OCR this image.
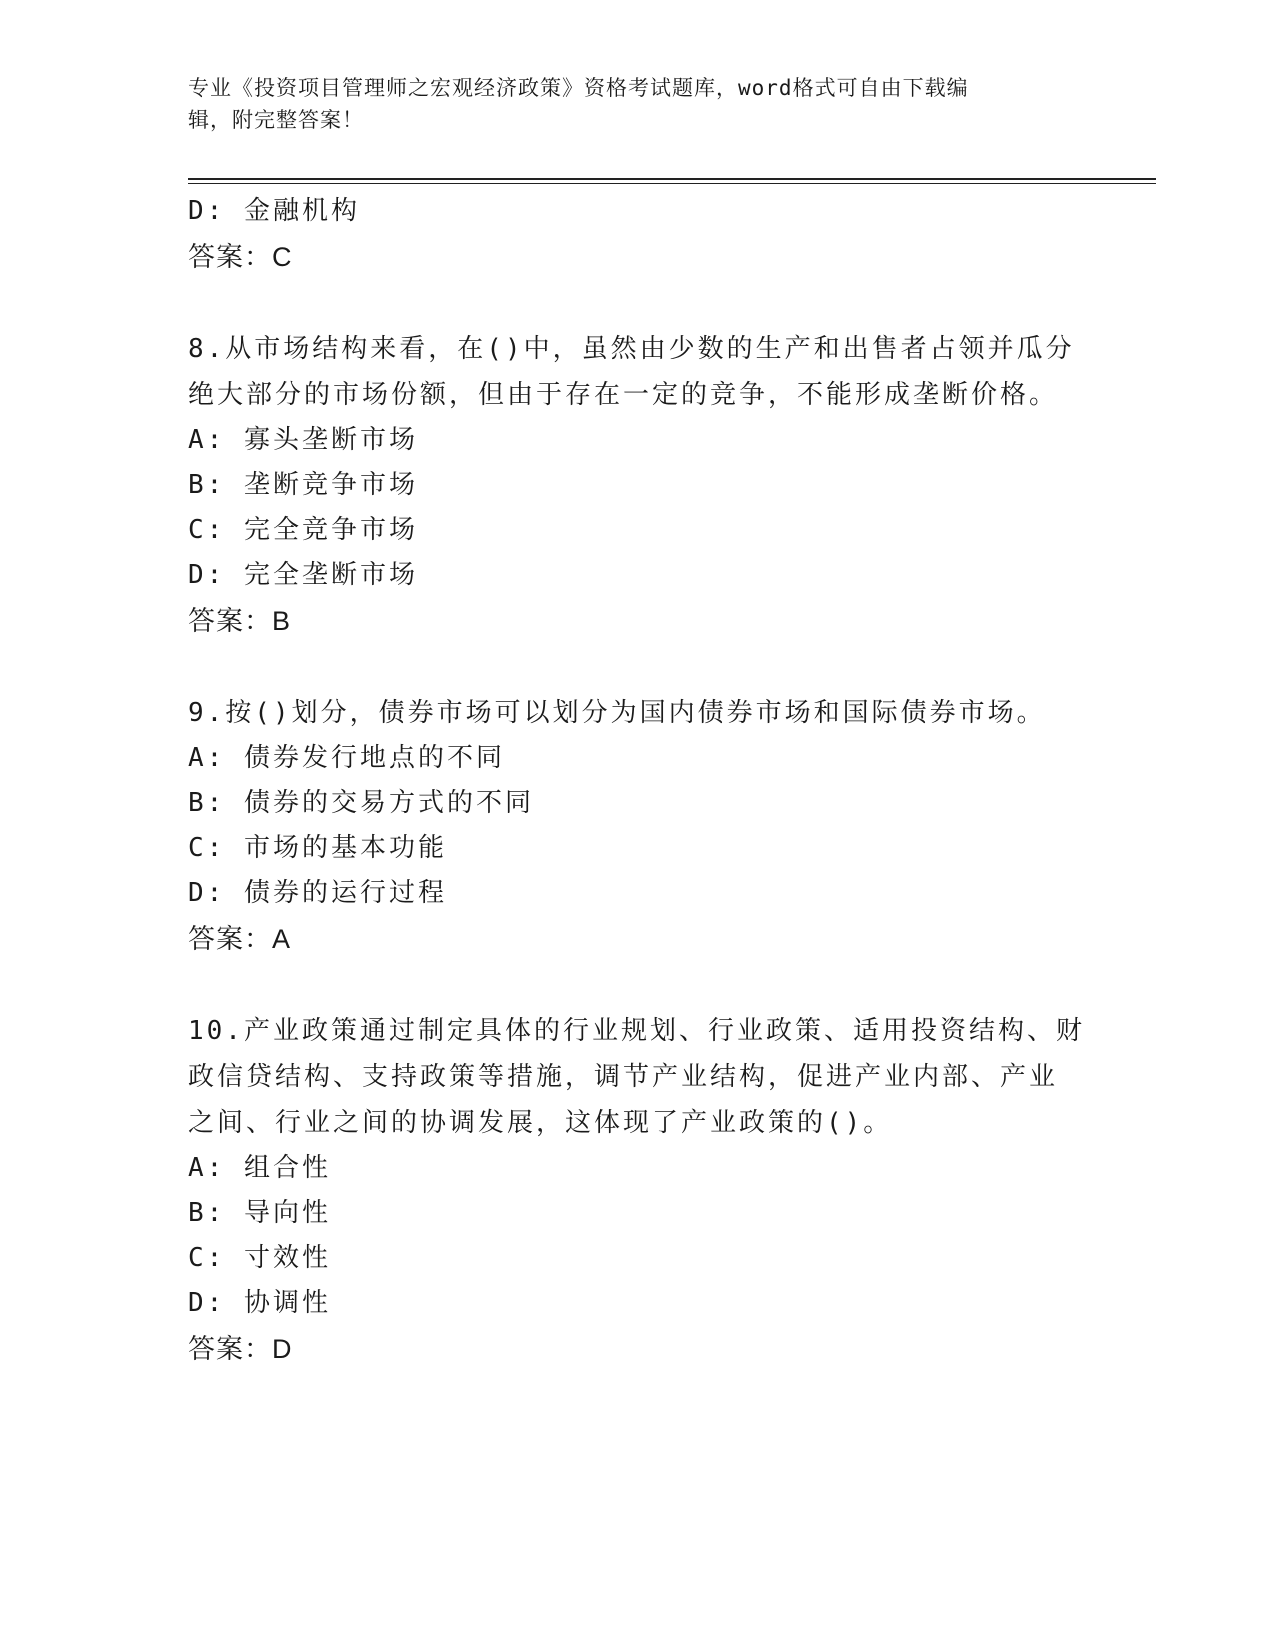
专业《投资项目管理师之宏观经济政策》资格考试题库，word格式可自由下载编
辑，附完整答案！
D: 金融机构
答案：C
8.从市场结构来看，在()中，虽然由少数的生产和出售者占领并瓜分
绝大部分的市场份额，但由于存在一定的竞争，不能形成垄断价格。
A: 寡头垄断市场
B: 垄断竞争市场
C: 完全竞争市场
D: 完全垄断市场
答案：B
9.按()划分，债券市场可以划分为国内债券市场和国际债券市场。
A: 债券发行地点的不同
B: 债券的交易方式的不同
C: 市场的基本功能
D: 债券的运行过程
答案：A
10.产业政策通过制定具体的行业规划、行业政策、适用投资结构、财
政信贷结构、支持政策等措施，调节产业结构，促进产业内部、产业
之间、行业之间的协调发展，这体现了产业政策的()。
A: 组合性
B: 导向性
C: 寸效性
D: 协调性
答案：D
